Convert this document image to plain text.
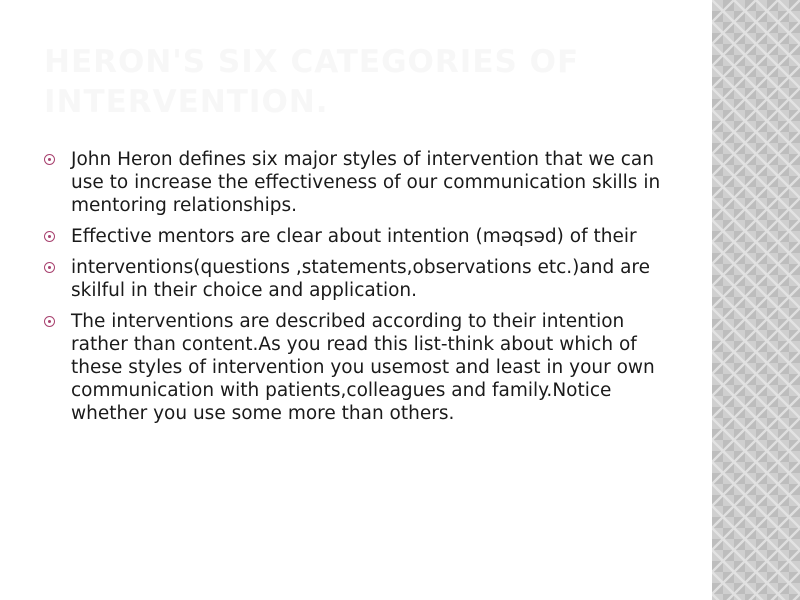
HERON'S SIX CATEGORIES OF INTERVENTION.
John Heron defines six major styles of intervention that we can use to increase the effectiveness of our communication skills in mentoring relationships.
Effective mentors are clear about intention (məqsəd) of their
interventions(questions ,statements,observations etc.)and are skilful in their choice and application.
The interventions are described according to their intention rather than content.As you read this list-think about which of these styles of intervention you usemost and least in your own communication with patients,colleagues and family.Notice whether you use some more than others.
